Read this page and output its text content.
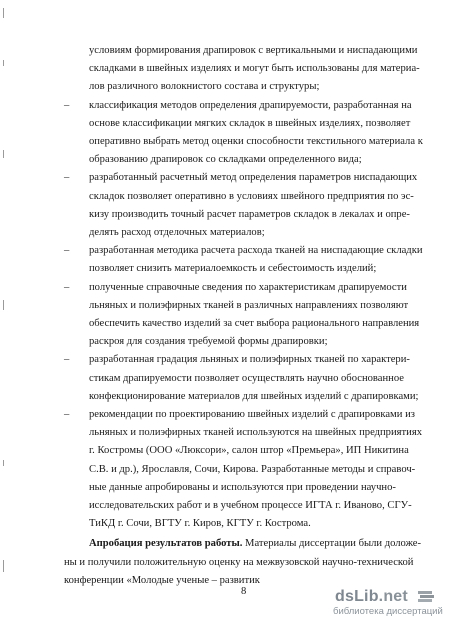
условиям формирования драпировок с вертикальными и ниспадающими
складками в швейных изделиях и могут быть использованы для материа-
лов различного волокнистого состава и структуры;
– классификация методов определения драпируемости, разработанная на
основе классификации мягких складок в швейных изделиях, позволяет
оперативно выбрать метод оценки способности текстильного материала к
образованию драпировок со складками определенного вида;
– разработанный расчетный метод определения параметров ниспадающих
складок позволяет оперативно в условиях швейного предприятия по эс-
кизу производить точный расчет параметров складок в лекалах и опре-
делять расход отделочных материалов;
– разработанная методика расчета расхода тканей на ниспадающие складки
позволяет снизить материалоемкость и себестоимость изделий;
– полученные справочные сведения по характеристикам драпируемости
льняных и полиэфирных тканей в различных направлениях позволяют
обеспечить качество изделий за счет выбора рационального направления
раскроя для создания требуемой формы драпировки;
– разработанная градация льняных и полиэфирных тканей по характери-
стикам драпируемости позволяет осуществлять научно обоснованное
конфекционирование материалов для швейных изделий с драпировками;
– рекомендации по проектированию швейных изделий с драпировками из
льняных и полиэфирных тканей используются на швейных предприятиях
г. Костромы (ООО «Люксори», салон штор «Премьера», ИП Никитина
С.В. и др.), Ярославля, Сочи, Кирова. Разработанные методы и справоч-
ные данные апробированы и используются при проведении научно-
исследовательских работ и в учебном процессе ИГТА г. Иваново, СГУ-
ТиКД г. Сочи, ВГТУ г. Киров, КГТУ г. Кострома.
8	dsLib.net
библиотека диссертаций
Апробация результатов работы. Материалы диссертации были доложе-
ны и получили положительную оценку на межвузовской научно-технической
конференции «Молодые ученые – развитик
